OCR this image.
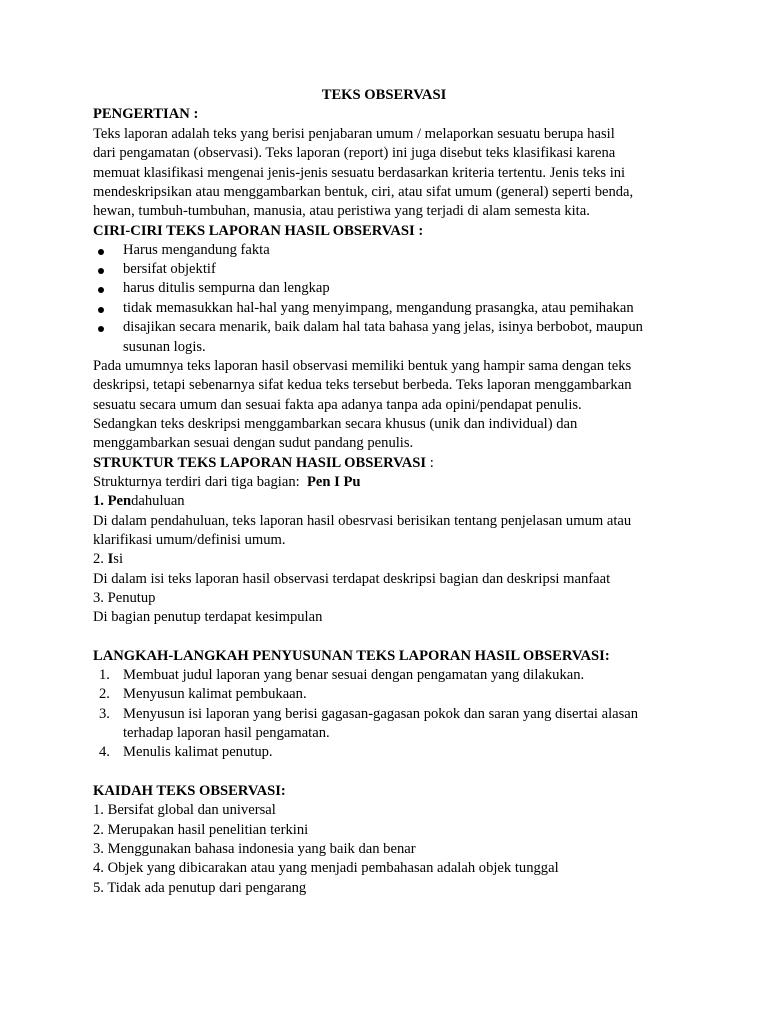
TEKS OBSERVASI
PENGERTIAN :
Teks laporan adalah teks yang berisi penjabaran umum / melaporkan sesuatu berupa hasil
dari pengamatan (observasi). Teks laporan (report) ini juga disebut teks klasifikasi karena
memuat klasifikasi mengenai jenis-jenis sesuatu berdasarkan kriteria tertentu. Jenis teks ini
mendeskripsikan atau menggambarkan bentuk, ciri, atau sifat umum (general) seperti benda,
hewan, tumbuh-tumbuhan, manusia, atau peristiwa yang terjadi di alam semesta kita.
CIRI-CIRI TEKS LAPORAN HASIL OBSERVASI :
Harus mengandung fakta
bersifat objektif
harus ditulis sempurna dan lengkap
tidak memasukkan hal-hal yang menyimpang, mengandung prasangka, atau pemihakan
disajikan secara menarik, baik dalam hal tata bahasa yang jelas, isinya berbobot, maupun
susunan logis.
Pada umumnya teks laporan hasil observasi memiliki bentuk yang hampir sama dengan teks
deskripsi, tetapi sebenarnya sifat kedua teks tersebut berbeda. Teks laporan menggambarkan
sesuatu secara umum dan sesuai fakta apa adanya tanpa ada opini/pendapat penulis.
Sedangkan teks deskripsi menggambarkan secara khusus (unik dan individual) dan
menggambarkan sesuai dengan sudut pandang penulis.
STRUKTUR TEKS LAPORAN HASIL OBSERVASI :
Strukturnya terdiri dari tiga bagian:  Pen I Pu
1. Pendahuluan
Di dalam pendahuluan, teks laporan hasil obesrvasi berisikan tentang penjelasan umum atau
klarifikasi umum/definisi umum.
2. Isi
Di dalam isi teks laporan hasil observasi terdapat deskripsi bagian dan deskripsi manfaat
3. Penutup
Di bagian penutup terdapat kesimpulan
LANGKAH-LANGKAH PENYUSUNAN TEKS LAPORAN HASIL OBSERVASI:
1. Membuat judul laporan yang benar sesuai dengan pengamatan yang dilakukan.
2. Menyusun kalimat pembukaan.
3. Menyusun isi laporan yang berisi gagasan-gagasan pokok dan saran yang disertai alasan
terhadap laporan hasil pengamatan.
4. Menulis kalimat penutup.
KAIDAH TEKS OBSERVASI:
1. Bersifat global dan universal
2. Merupakan hasil penelitian terkini
3. Menggunakan bahasa indonesia yang baik dan benar
4. Objek yang dibicarakan atau yang menjadi pembahasan adalah objek tunggal
5. Tidak ada penutup dari pengarang
